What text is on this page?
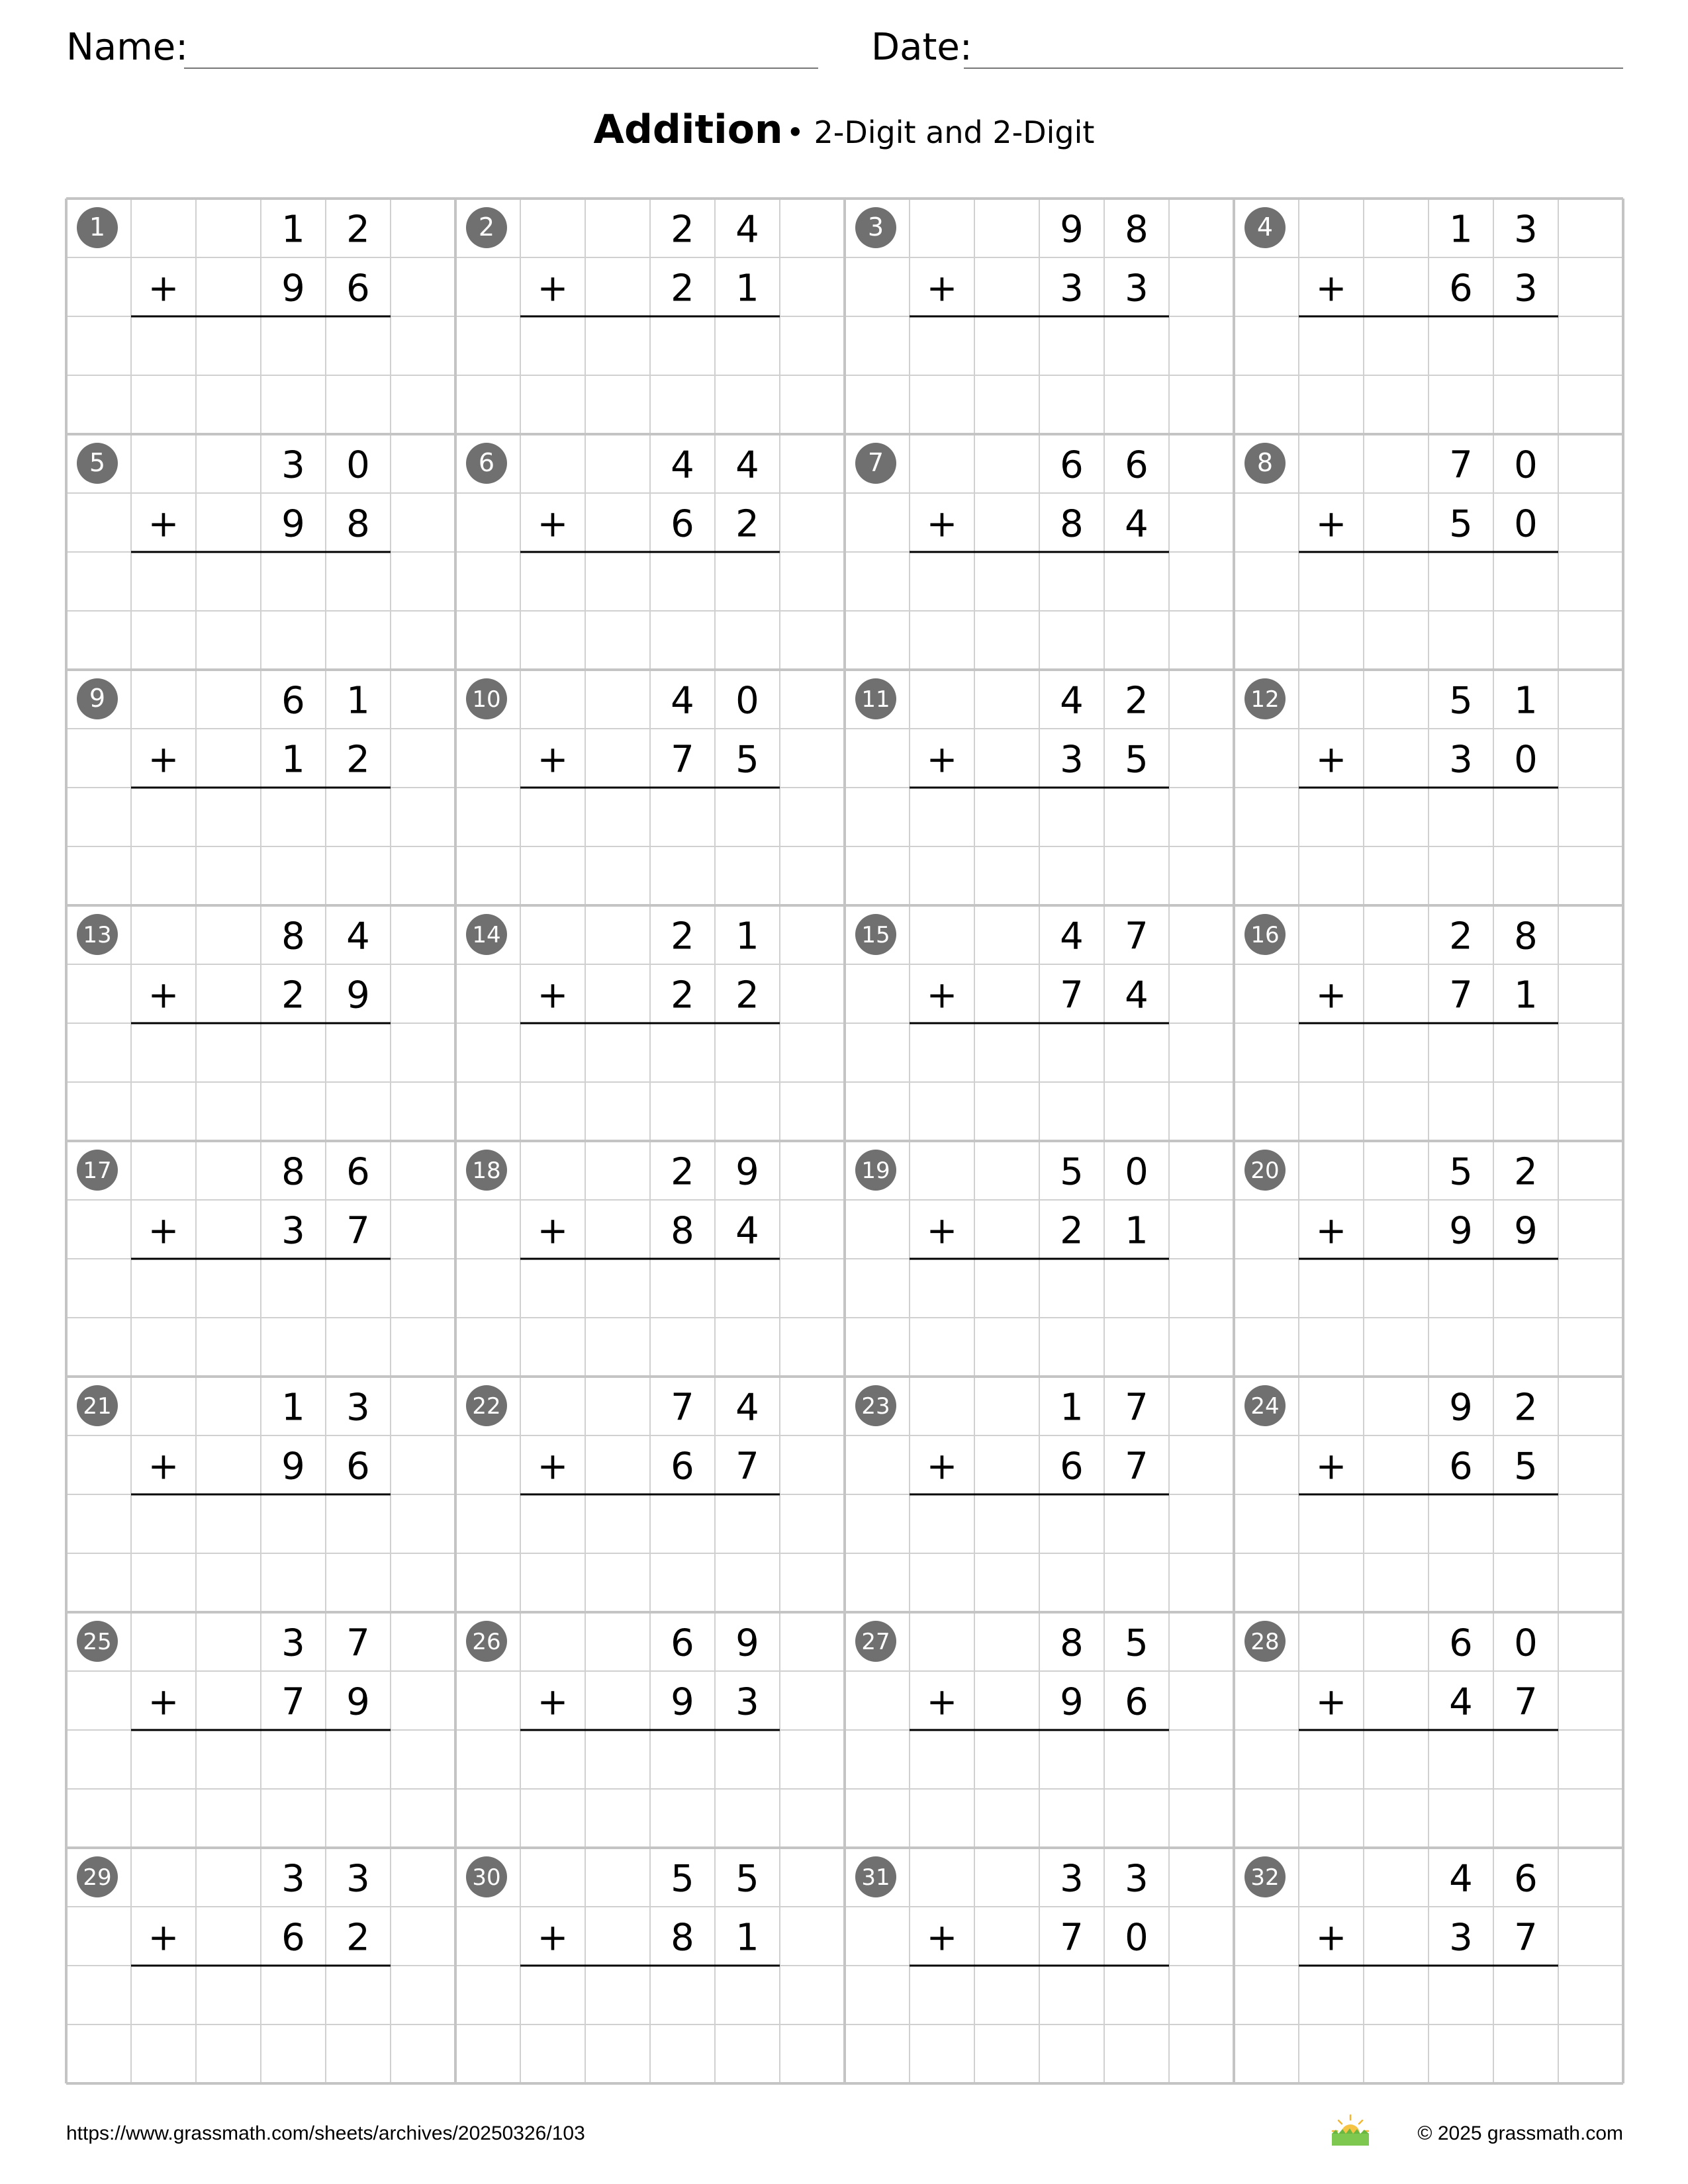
Name:	Date:
Addition • 2-Digit and 2-Digit
1	1 2
+	9 6
2	2 4
+	2 1
3	9 8
+	3 3
4	1 3
+	6 3
5	3 0
+	9 8
6	4 4
+	6 2
7	6 6
+	8 4
8	7 0
+	5 0
9	6 1
+	1 2
10	4 0
+	7 5
11	4 2
+	3 5
12	5 1
+	3 0
13	8 4
+	2 9
14	2 1
+	2 2
15	4 7
+	7 4
16	2 8
+	7 1
17	8 6
+	3 7
18	2 9
+	8 4
19	5 0
+	2 1
20	5 2
+	9 9
21	1 3
+	9 6
22	7 4
+	6 7
23	1 7
+	6 7
24	9 2
+	6 5
25	3 7
+	7 9
26	6 9
+	9 3
27	8 5
+	9 6
28	6 0
+	4 7
29	3 3
+	6 2
30	5 5
+	8 1
31	3 3
+	7 0
32	4 6
+	3 7
https://www.grassmath.com/sheets/archives/20250326/103	© 2025 grassmath.com
